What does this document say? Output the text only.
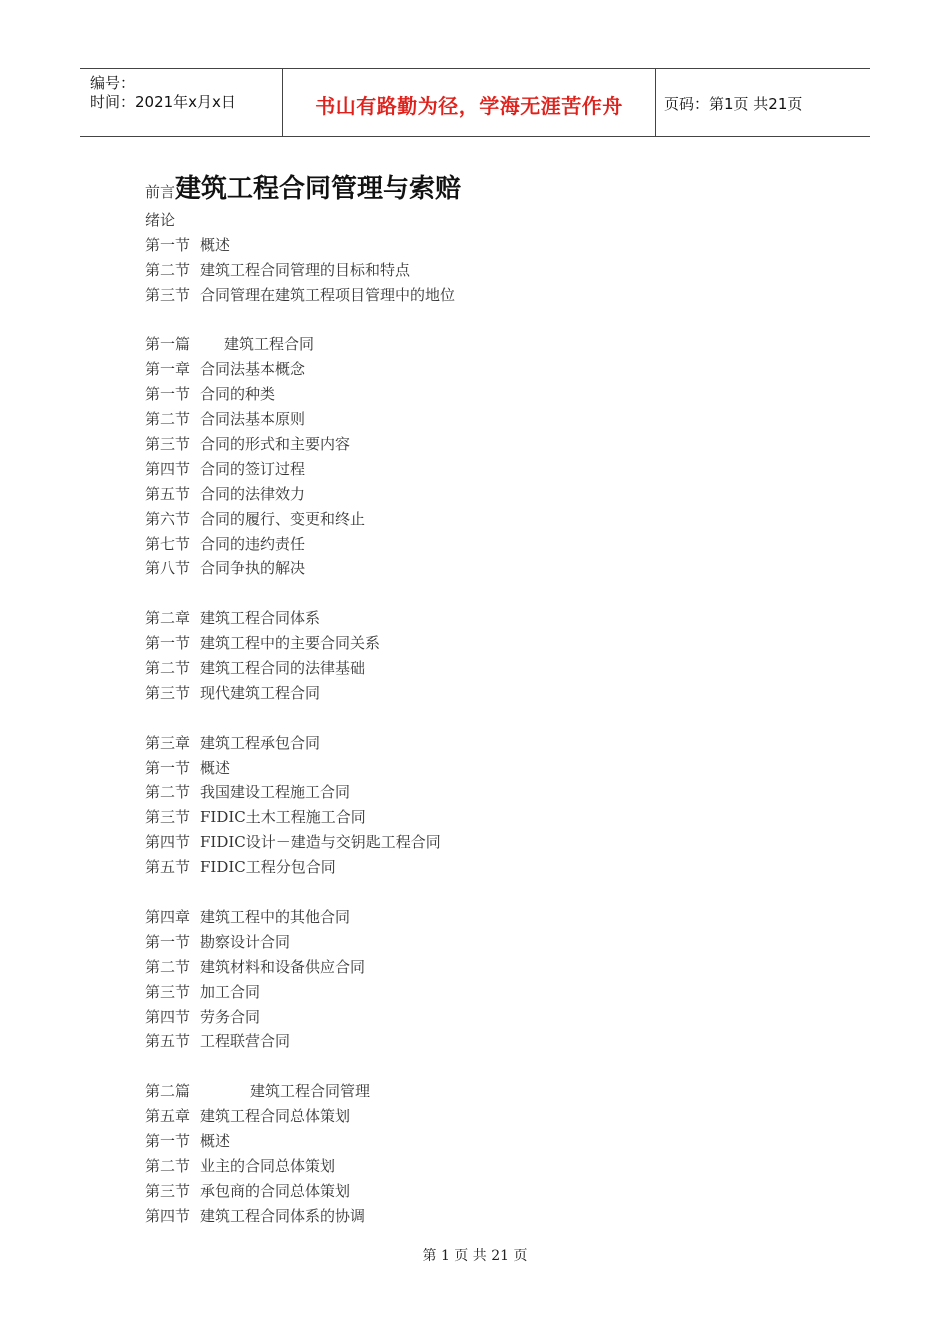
编号：
时间：2021年x月x日	书山有路勤为径，学海无涯苦作舟	页码：第1页 共21页
前言建筑工程合同管理与索赔
绪论
第一节 概述
第二节 建筑工程合同管理的目标和特点
第三节 合同管理在建筑工程项目管理中的地位
第一篇 建筑工程合同
第一章 合同法基本概念
第一节 合同的种类
第二节 合同法基本原则
第三节 合同的形式和主要内容
第四节 合同的签订过程
第五节 合同的法律效力
第六节 合同的履行、变更和终止
第七节 合同的违约责任
第八节 合同争执的解决
第二章 建筑工程合同体系
第一节 建筑工程中的主要合同关系
第二节 建筑工程合同的法律基础
第三节 现代建筑工程合同
第三章 建筑工程承包合同
第一节 概述
第二节 我国建设工程施工合同
第三节 FIDIC土木工程施工合同
第四节 FIDIC设计－建造与交钥匙工程合同
第五节 FIDIC工程分包合同
第四章 建筑工程中的其他合同
第一节 勘察设计合同
第二节 建筑材料和设备供应合同
第三节 加工合同
第四节 劳务合同
第五节 工程联营合同
第二篇	建筑工程合同管理
第五章 建筑工程合同总体策划
第一节 概述
第二节 业主的合同总体策划
第三节 承包商的合同总体策划
第四节 建筑工程合同体系的协调
第 1 页 共 21 页
